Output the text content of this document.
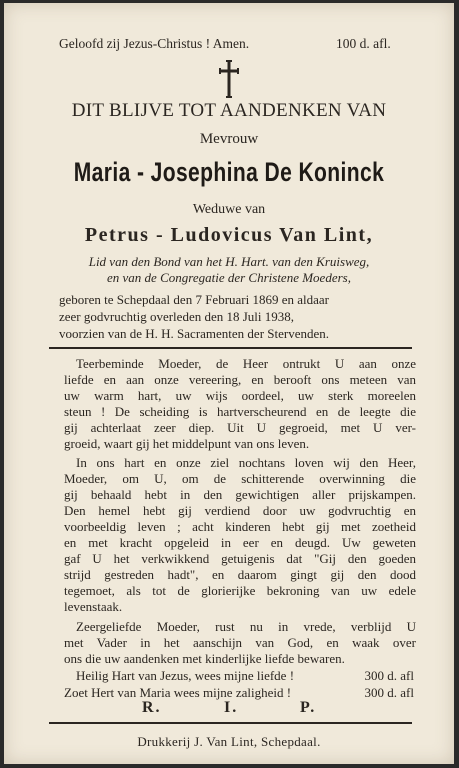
Geloofd zij Jezus-Christus ! Amen.	100 d. afl.
DIT BLIJVE TOT AANDENKEN VAN
Mevrouw
Maria - Josephina De Koninck
Weduwe van
Petrus - Ludovicus Van Lint,
Lid van den Bond van het H. Hart. van den Kruisweg,
en van de Congregatie der Christene Moeders,
geboren te Schepdaal den 7 Februari 1869 en aldaar
zeer godvruchtig overleden den 18 Juli 1938,
voorzien van de H. H. Sacramenten der Stervenden.
Teerbeminde Moeder, de Heer ontrukt U aan onze
liefde en aan onze vereering, en berooft ons meteen van
uw warm hart, uw wijs oordeel, uw sterk moreelen
steun ! De scheiding is hartverscheurend en de leegte die
gij achterlaat zeer diep. Uit U gegroeid, met U ver-
groeid, waart gij het middelpunt van ons leven.
In ons hart en onze ziel nochtans loven wij den Heer,
Moeder, om U, om de schitterende overwinning die
gij behaald hebt in den gewichtigen aller prijskampen.
Den hemel hebt gij verdiend door uw godvruchtig en
voorbeeldig leven ; acht kinderen hebt gij met zoetheid
en met kracht opgeleid in eer en deugd. Uw geweten
gaf U het verkwikkend getuigenis dat "Gij den goeden
strijd gestreden hadt", en daarom gingt gij den dood
tegemoet, als tot de glorierijke bekroning van uw edele
levenstaak.
Zeergeliefde Moeder, rust nu in vrede, verblijd U
met Vader in het aanschijn van God, en waak over
ons die uw aandenken met kinderlijke liefde bewaren.
Heilig Hart van Jezus, wees mijne liefde !	300 d. afl
Zoet Hert van Maria wees mijne zaligheid !	300 d. afl
R.	I.	P.
Drukkerij J. Van Lint, Schepdaal.
